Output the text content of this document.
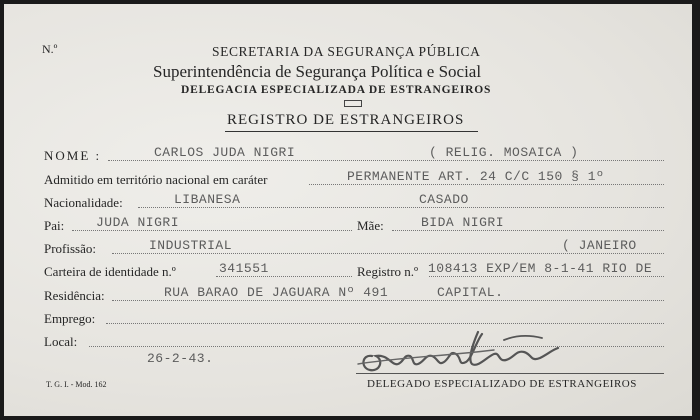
N.º	SECRETARIA DA SEGURANÇA PÚBLICA
Superintendência de Segurança Política e Social
DELEGACIA ESPECIALIZADA DE ESTRANGEIROS
REGISTRO DE ESTRANGEIROS
NOME :	CARLOS JUDA NIGRI	( RELIG. MOSAICA )
Admitido em território nacional em caráter	PERMANENTE ART. 24 C/C 150 § 1º
Nacionalidade:	LIBANESA	CASADO
Pai: JUDA NIGRI	Mãe:	BIDA NIGRI
Profissão:	INDUSTRIAL	( JANEIRO
Carteira de identidade n.º	341551	Registro n.º 108413 EXP/EM 8-1-41 RIO DE
Residência:	RUA BARAO DE JAGUARA Nº 491	CAPITAL.
Emprego:
Local:
26-2-43.
DELEGADO ESPECIALIZADO DE ESTRANGEIROS
T. G. I. - Mod. 162
